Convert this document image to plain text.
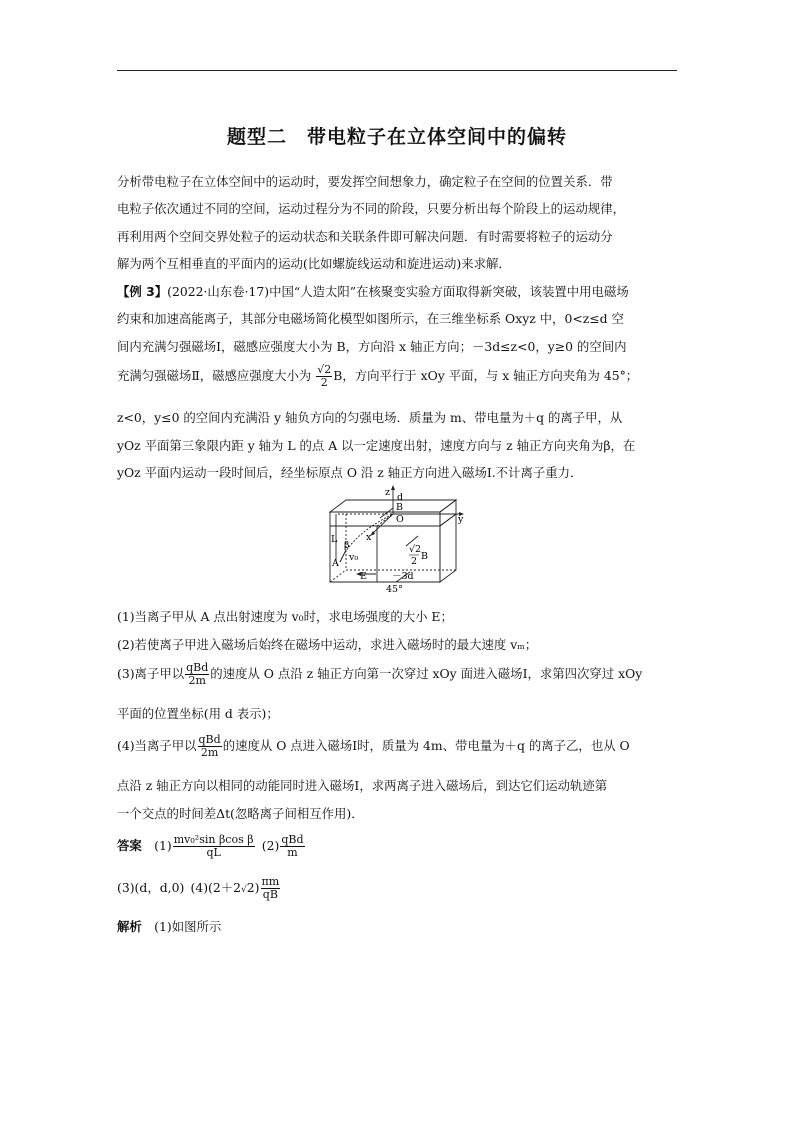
题型二　带电粒子在立体空间中的偏转
分析带电粒子在立体空间中的运动时，要发挥空间想象力，确定粒子在空间的位置关系．带
电粒子依次通过不同的空间，运动过程分为不同的阶段，只要分析出每个阶段上的运动规律，
再利用两个空间交界处粒子的运动状态和关联条件即可解决问题．有时需要将粒子的运动分
解为两个互相垂直的平面内的运动(比如螺旋线运动和旋进运动)来求解．
【例 3】(2022·山东卷·17)中国“人造太阳”在核聚变实验方面取得新突破，该装置中用电磁场
约束和加速高能离子，其部分电磁场简化模型如图所示，在三维坐标系 Oxyz 中，0<z≤d 空
间内充满匀强磁场Ⅰ，磁感应强度大小为 B，方向沿 x 轴正方向；－3d≤z<0，y≥0 的空间内
充满匀强磁场Ⅱ，磁感应强度大小为 $\frac{√2}{2}$ B，方向平行于 xOy 平面，与 x 轴正方向夹角为 45°；
z<0，y≤0 的空间内充满沿 y 轴负方向的匀强电场．质量为 m、带电量为＋q 的离子甲，从
yOz 平面第三象限内距 y 轴为 L 的点 A 以一定速度出射，速度方向与 z 轴正方向夹角为β，在
yOz 平面内运动一段时间后，经坐标原点 O 沿 z 轴正方向进入磁场Ⅰ.不计离子重力．
z d
B
O	y
L
β
x
v₀
A
E	－3d
45°
√2
2 B
(1)当离子甲从 A 点出射速度为 v₀时，求电场强度的大小 E；
(2)若使离子甲进入磁场后始终在磁场中运动，求进入磁场时的最大速度 vₘ；
(3)离子甲以 $\frac{\text{qBd}}{2m}$ 的速度从 O 点沿 z 轴正方向第一次穿过 xOy 面进入磁场Ⅰ，求第四次穿过 xOy
平面的位置坐标(用 d 表示)；
(4)当离子甲以 $\frac{\text{qBd}}{2m}$ 的速度从 O 点进入磁场Ⅰ时，质量为 4m、带电量为＋q 的离子乙，也从 O
点沿 z 轴正方向以相同的动能同时进入磁场Ⅰ，求两离子进入磁场后，到达它们运动轨迹第
一个交点的时间差Δt(忽略离子间相互作用)．
答案  $(1) \frac{\text{mv₀²sin βcos β}}{qL}$
  $(2) \frac{\text{qBd}}{m}$
(3)(d，d,0)  $(4)(2+2√2) \frac{\pi m}{qB}$
解析  (1)如图所示
